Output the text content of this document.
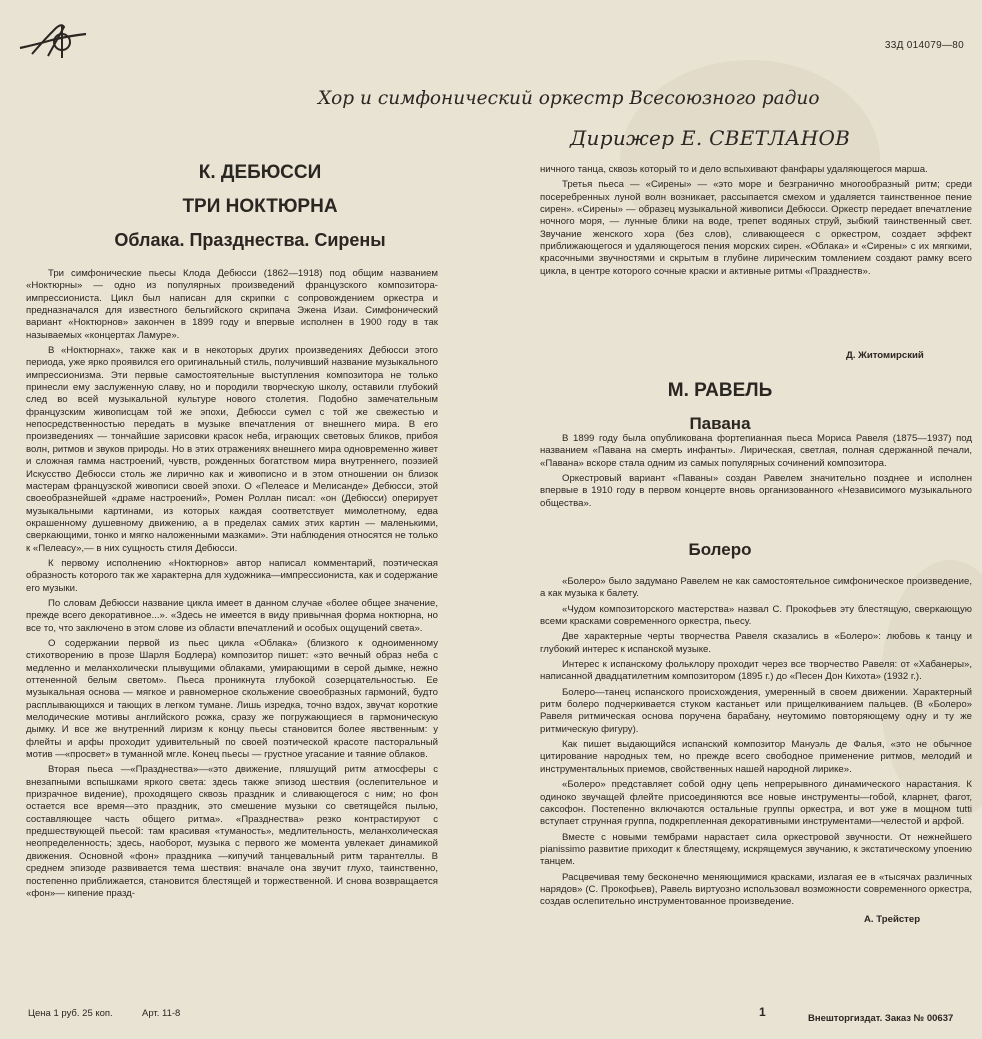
33Д 014079—80
Хор и симфонический оркестр Всесоюзного радио
Дирижер Е. СВЕТЛАНОВ
К. ДЕБЮССИ
ТРИ НОКТЮРНА
Облака. Празднества. Сирены

Три симфонические пьесы Клода Дебюсси (1862—1918) под общим названием «Ноктюрны» — одно из популярных произведений французского композитора-импрессиониста. Цикл был написан для скрипки с сопровождением оркестра и предназначался для известного бельгийского скрипача Эжена Изаи. Симфонический вариант «Ноктюрнов» закончен в 1899 году и впервые исполнен в 1900 году в так называемых «концертах Ламуре».

В «Ноктюрнах», также как и в некоторых других произведениях Дебюсси этого периода, уже ярко проявился его оригинальный стиль, получивший название музыкального импрессионизма. Эти первые самостоятельные выступления композитора не только принесли ему заслуженную славу, но и породили творческую школу, оставили глубокий след во всей музыкальной культуре нового столетия. Подобно замечательным французским живописцам той же эпохи, Дебюсси сумел с той же свежестью и непосредственностью передать в музыке впечатления от внешнего мира. В его произведениях — тончайшие зарисовки красок неба, играющих световых бликов, прибоя волн, ритмов и звуков природы. Но в этих отражениях внешнего мира одновременно живет и сложная гамма настроений, чувств, рожденных богатством мира внутреннего, поэзией Искусство Дебюсси столь же лирично как и живописно и в этом отношении он близок мастерам французской живописи своей эпохи. О «Пелеасе и Мелисанде» Дебюсси, этой своеобразнейшей «драме настроений», Ромен Роллан писал: «он (Дебюсси) оперирует музыкальными картинами, из которых каждая соответствует мимолетному, едва окрашенному душевному движению, а в пределах самих этих картин — маленькими, сверкающими, тонко и мягко наложенными мазками». Эти наблюдения относятся не только к «Пелеасу»,— в них сущность стиля Дебюсси.

К первому исполнению «Ноктюрнов» автор написал комментарий, поэтическая образность которого так же характерна для художника—импрессиониста, как и содержание его музыки.

По словам Дебюсси название цикла имеет в данном случае «более общее значение, прежде всего декоративное...». «Здесь не имеется в виду привычная форма ноктюрна, но все то, что заключено в этом слове из области впечатлений и особых ощущений света».

О содержании первой из пьес цикла «Облака» (близкого к одноименному стихотворению в прозе Шарля Бодлера) композитор пишет: «это вечный образ неба с медленно и меланхолически плывущими облаками, умирающими в серой дымке, нежно оттененной белым светом». Пьеса проникнута глубокой созерцательностью. Ее музыкальная основа — мягкое и равномерное скольжение своеобразных гармоний, будто расплывающихся и тающих в легком тумане. Лишь изредка, точно вздох, звучат короткие мелодические мотивы английского рожка, сразу же погружающиеся в гармоническую дымку. И все же внутренний лиризм к концу пьесы становится более явственным: у флейты и арфы проходит удивительный по своей поэтической красоте пасторальный мотив —«просвет» в туманной мгле. Конец пьесы — грустное угасание и таяние облаков.

Вторая пьеса —«Празднества»—«это движение, пляшущий ритм атмосферы с внезапными вспышками яркого света: здесь также эпизод шествия (ослепительное и призрачное видение), проходящего сквозь праздник и сливающегося с ним; но фон остается все время—это праздник, это смешение музыки со светящейся пылью, составляющее часть общего ритма». «Празднества» резко контрастируют с предшествующей пьесой: там красивая «туманость», медлительность, меланхолическая неопределенность; здесь, наоборот, музыка с первого же момента увлекает динамикой движения. Основной «фон» праздника —кипучий танцевальный ритм тарантеллы. В среднем эпизоде развивается тема шествия: вначале она звучит глухо, таинственно, постепенно приближается, становится блестящей и торжественной. И снова возвращается «фон»— кипение празд-

ничного танца, сквозь который то и дело вспыхивают фанфары удаляющегося марша.

Третья пьеса — «Сирены» — «это море и безгранично многообразный ритм; среди посеребренных луной волн возникает, рассыпается смехом и удаляется таинственное пение сирен». «Сирены» — образец музыкальной живописи Дебюсси. Оркестр передает впечатление ночного моря, — лунные блики на воде, трепет водяных струй, зыбкий таинственный свет. Звучание женского хора (без слов), сливающееся с оркестром, создает эффект приближающегося и удаляющегося пения морских сирен. «Облака» и «Сирены» с их мягкими, красочными звучностями и скрытым в глубине лирическим томлением создают рамку всего цикла, в центре которого сочные краски и активные ритмы «Празднеств».

Д. Житомирский
М. РАВЕЛЬ
Павана

В 1899 году была опубликована фортепианная пьеса Мориса Равеля (1875—1937) под названием «Павана на смерть инфанты». Лирическая, светлая, полная сдержанной печали, «Павана» вскоре стала одним из самых популярных сочинений композитора.

Оркестровый вариант «Паваны» создан Равелем значительно позднее и исполнен впервые в 1910 году в первом концерте вновь организованного «Независимого музыкального общества».

Болеро

«Болеро» было задумано Равелем не как самостоятельное симфоническое произведение, а как музыка к балету.

«Чудом композиторского мастерства» назвал С. Прокофьев эту блестящую, сверкающую всеми красками современного оркестра, пьесу.

Две характерные черты творчества Равеля сказались в «Болеро»: любовь к танцу и глубокий интерес к испанской музыке.

Интерес к испанскому фольклору проходит через все творчество Равеля: от «Хабанеры», написанной двадцатилетним композитором (1895 г.) до «Песен Дон Кихота» (1932 г.).

Болеро—танец испанского происхождения, умеренный в своем движении. Характерный ритм болеро подчеркивается стуком кастаньет или прищелкиванием пальцев. (В «Болеро» Равеля ритмическая основа поручена барабану, неутомимо повторяющему одну и ту же ритмическую фигуру).

Как пишет выдающийся испанский композитор Мануэль де Фалья, «это не обычное цитирование народных тем, но прежде всего свободное применение ритмов, мелодий и инструментальных приемов, свойственных нашей народной лирике».

«Болеро» представляет собой одну цепь непрерывного динамического нарастания. К одиноко звучащей флейте присоединяются все новые инструменты—гобой, кларнет, фагот, саксофон. Постепенно включаются остальные группы оркестра, и вот уже в мощном tutti вступает струнная группа, подкрепленная декоративными инструментами—челестой и арфой.

Вместе с новыми тембрами нарастает сила оркестровой звучности. От нежнейшего pianissimo развитие приходит к блестящему, искрящемуся звучанию, к экстатическому упоению танцем.

Расцвечивая тему бесконечно меняющимися красками, излагая ее в «тысячах различных нарядов» (С. Прокофьев), Равель виртуозно использовал возможности современного оркестра, создав ослепительно инструментованное произведение.

А. Трейстер
Цена 1 руб. 25 коп.	Арт. 11-8	1	Внешторгиздат. Заказ № 00637
